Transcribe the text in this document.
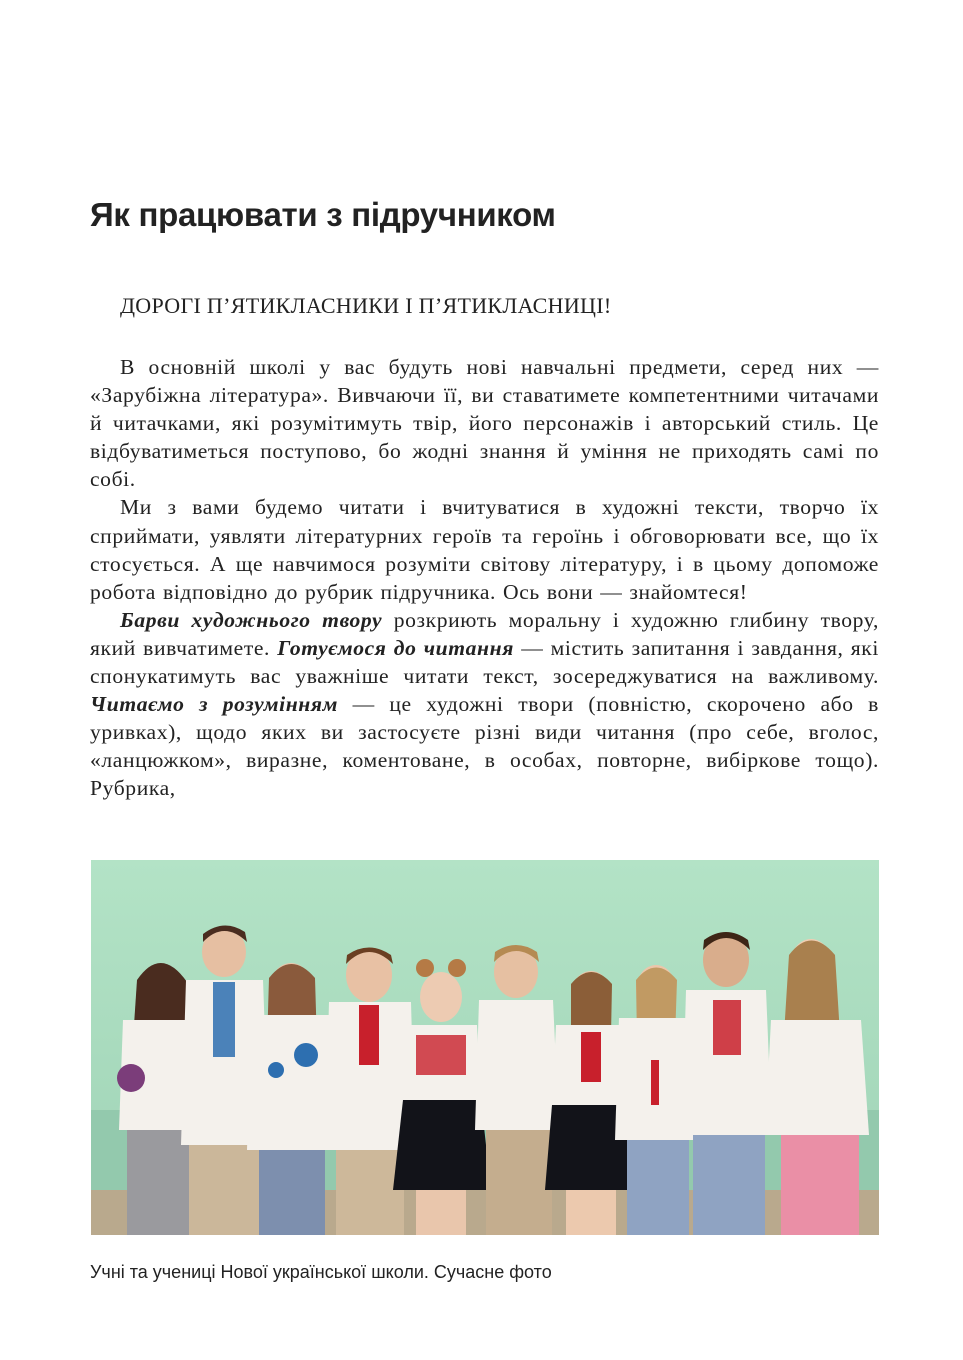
Як працювати з підручником

ДОРОГІ П’ЯТИКЛАСНИКИ І П’ЯТИКЛАСНИЦІ!

В основній школі у вас будуть нові навчальні предмети, серед них — «Зарубіжна література». Вивчаючи її, ви ставатимете компетентними читачами й читачками, які розумітимуть твір, його персонажів і авторський стиль. Це відбуватиметься поступово, бо жодні знання й уміння не приходять самі по собі.

Ми з вами будемо читати і вчитуватися в художні тексти, творчо їх сприймати, уявляти літературних героїв та героїнь і обговорювати все, що їх стосується. А ще навчимося розуміти світову літературу, і в цьому допоможе робота відповідно до рубрик підручника. Ось вони — знайомтеся!

Барви художнього твору розкриють моральну і художню глибину твору, який вивчатимете. Готуємося до читання — містить запитання і завдання, які спонукатимуть вас уважніше читати текст, зосереджуватися на важливому. Читаємо з розумінням — це художні твори (повністю, скорочено або в уривках), щодо яких ви застосуєте різні види читання (про себе, вголос, «ланцюжком», виразне, коментоване, в особах, повторне, вибіркове тощо). Рубрика,

Учні та учениці Нової української школи. Сучасне фото
